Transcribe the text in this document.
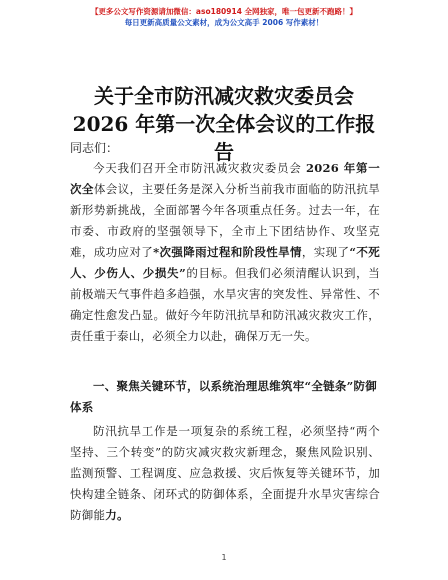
【更多公文写作资源请加微信：aso180914 全网独家，唯一包更新不跑路！】
每日更新高质量公文素材，成为公文高手 2006 写作素材！
关于全市防汛减灾救灾委员会 2026 年第一次全体会议的工作报告
同志们：
今天我们召开全市防汛减灾救灾委员会 2026 年第一次全体会议，主要任务是深入分析当前我市面临的防汛抗旱新形势新挑战，全面部署今年各项重点任务。过去一年，在市委、市政府的坚强领导下，全市上下团结协作、攻坚克难，成功应对了*次强降雨过程和阶段性旱情，实现了“不死人、少伤人、少损失”的目标。但我们必须清醒认识到，当前极端天气事件趋多趋强，水旱灾害的突发性、异常性、不确定性愈发凸显。做好今年防汛抗旱和防汛减灾救灾工作，责任重于泰山，必须全力以赴，确保万无一失。
一、聚焦关键环节，以系统治理思维筑牢“全链条”防御体系
防汛抗旱工作是一项复杂的系统工程，必须坚持“两个坚持、三个转变”的防灾减灾救灾新理念，聚焦风险识别、监测预警、工程调度、应急救援、灾后恢复等关键环节，加快构建全链条、闭环式的防御体系，全面提升水旱灾害综合防御能力。
1
